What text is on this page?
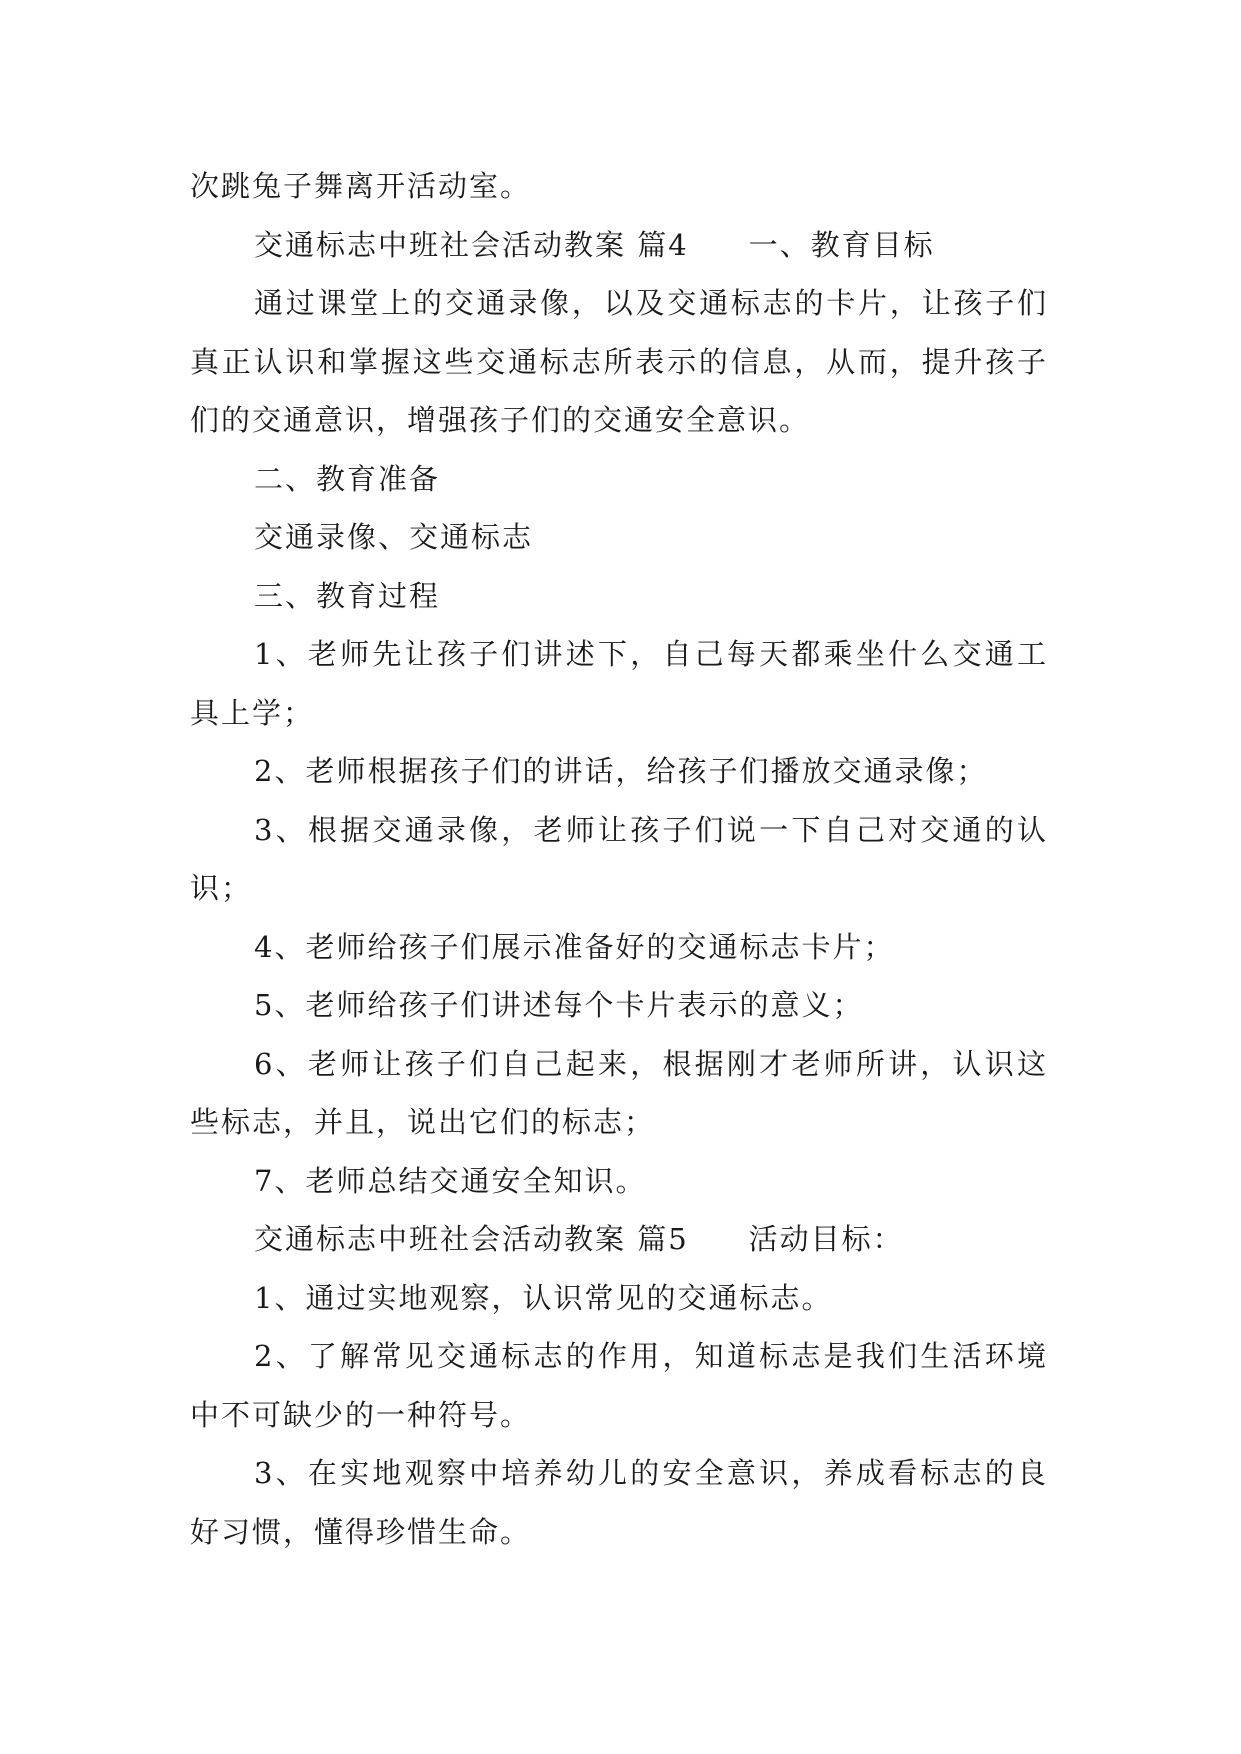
次跳兔子舞离开活动室。

交通标志中班社会活动教案 篇4 一、教育目标

通过课堂上的交通录像，以及交通标志的卡片，让孩子们真正认识和掌握这些交通标志所表示的信息，从而，提升孩子们的交通意识，增强孩子们的交通安全意识。

二、教育准备

交通录像、交通标志

三、教育过程

1、老师先让孩子们讲述下，自己每天都乘坐什么交通工具上学；

2、老师根据孩子们的讲话，给孩子们播放交通录像；

3、根据交通录像，老师让孩子们说一下自己对交通的认识；

4、老师给孩子们展示准备好的交通标志卡片；

5、老师给孩子们讲述每个卡片表示的意义；

6、老师让孩子们自己起来，根据刚才老师所讲，认识这些标志，并且，说出它们的标志；

7、老师总结交通安全知识。

交通标志中班社会活动教案 篇5 活动目标：

1、通过实地观察，认识常见的交通标志。

2、了解常见交通标志的作用，知道标志是我们生活环境中不可缺少的一种符号。

3、在实地观察中培养幼儿的安全意识，养成看标志的良好习惯，懂得珍惜生命。
